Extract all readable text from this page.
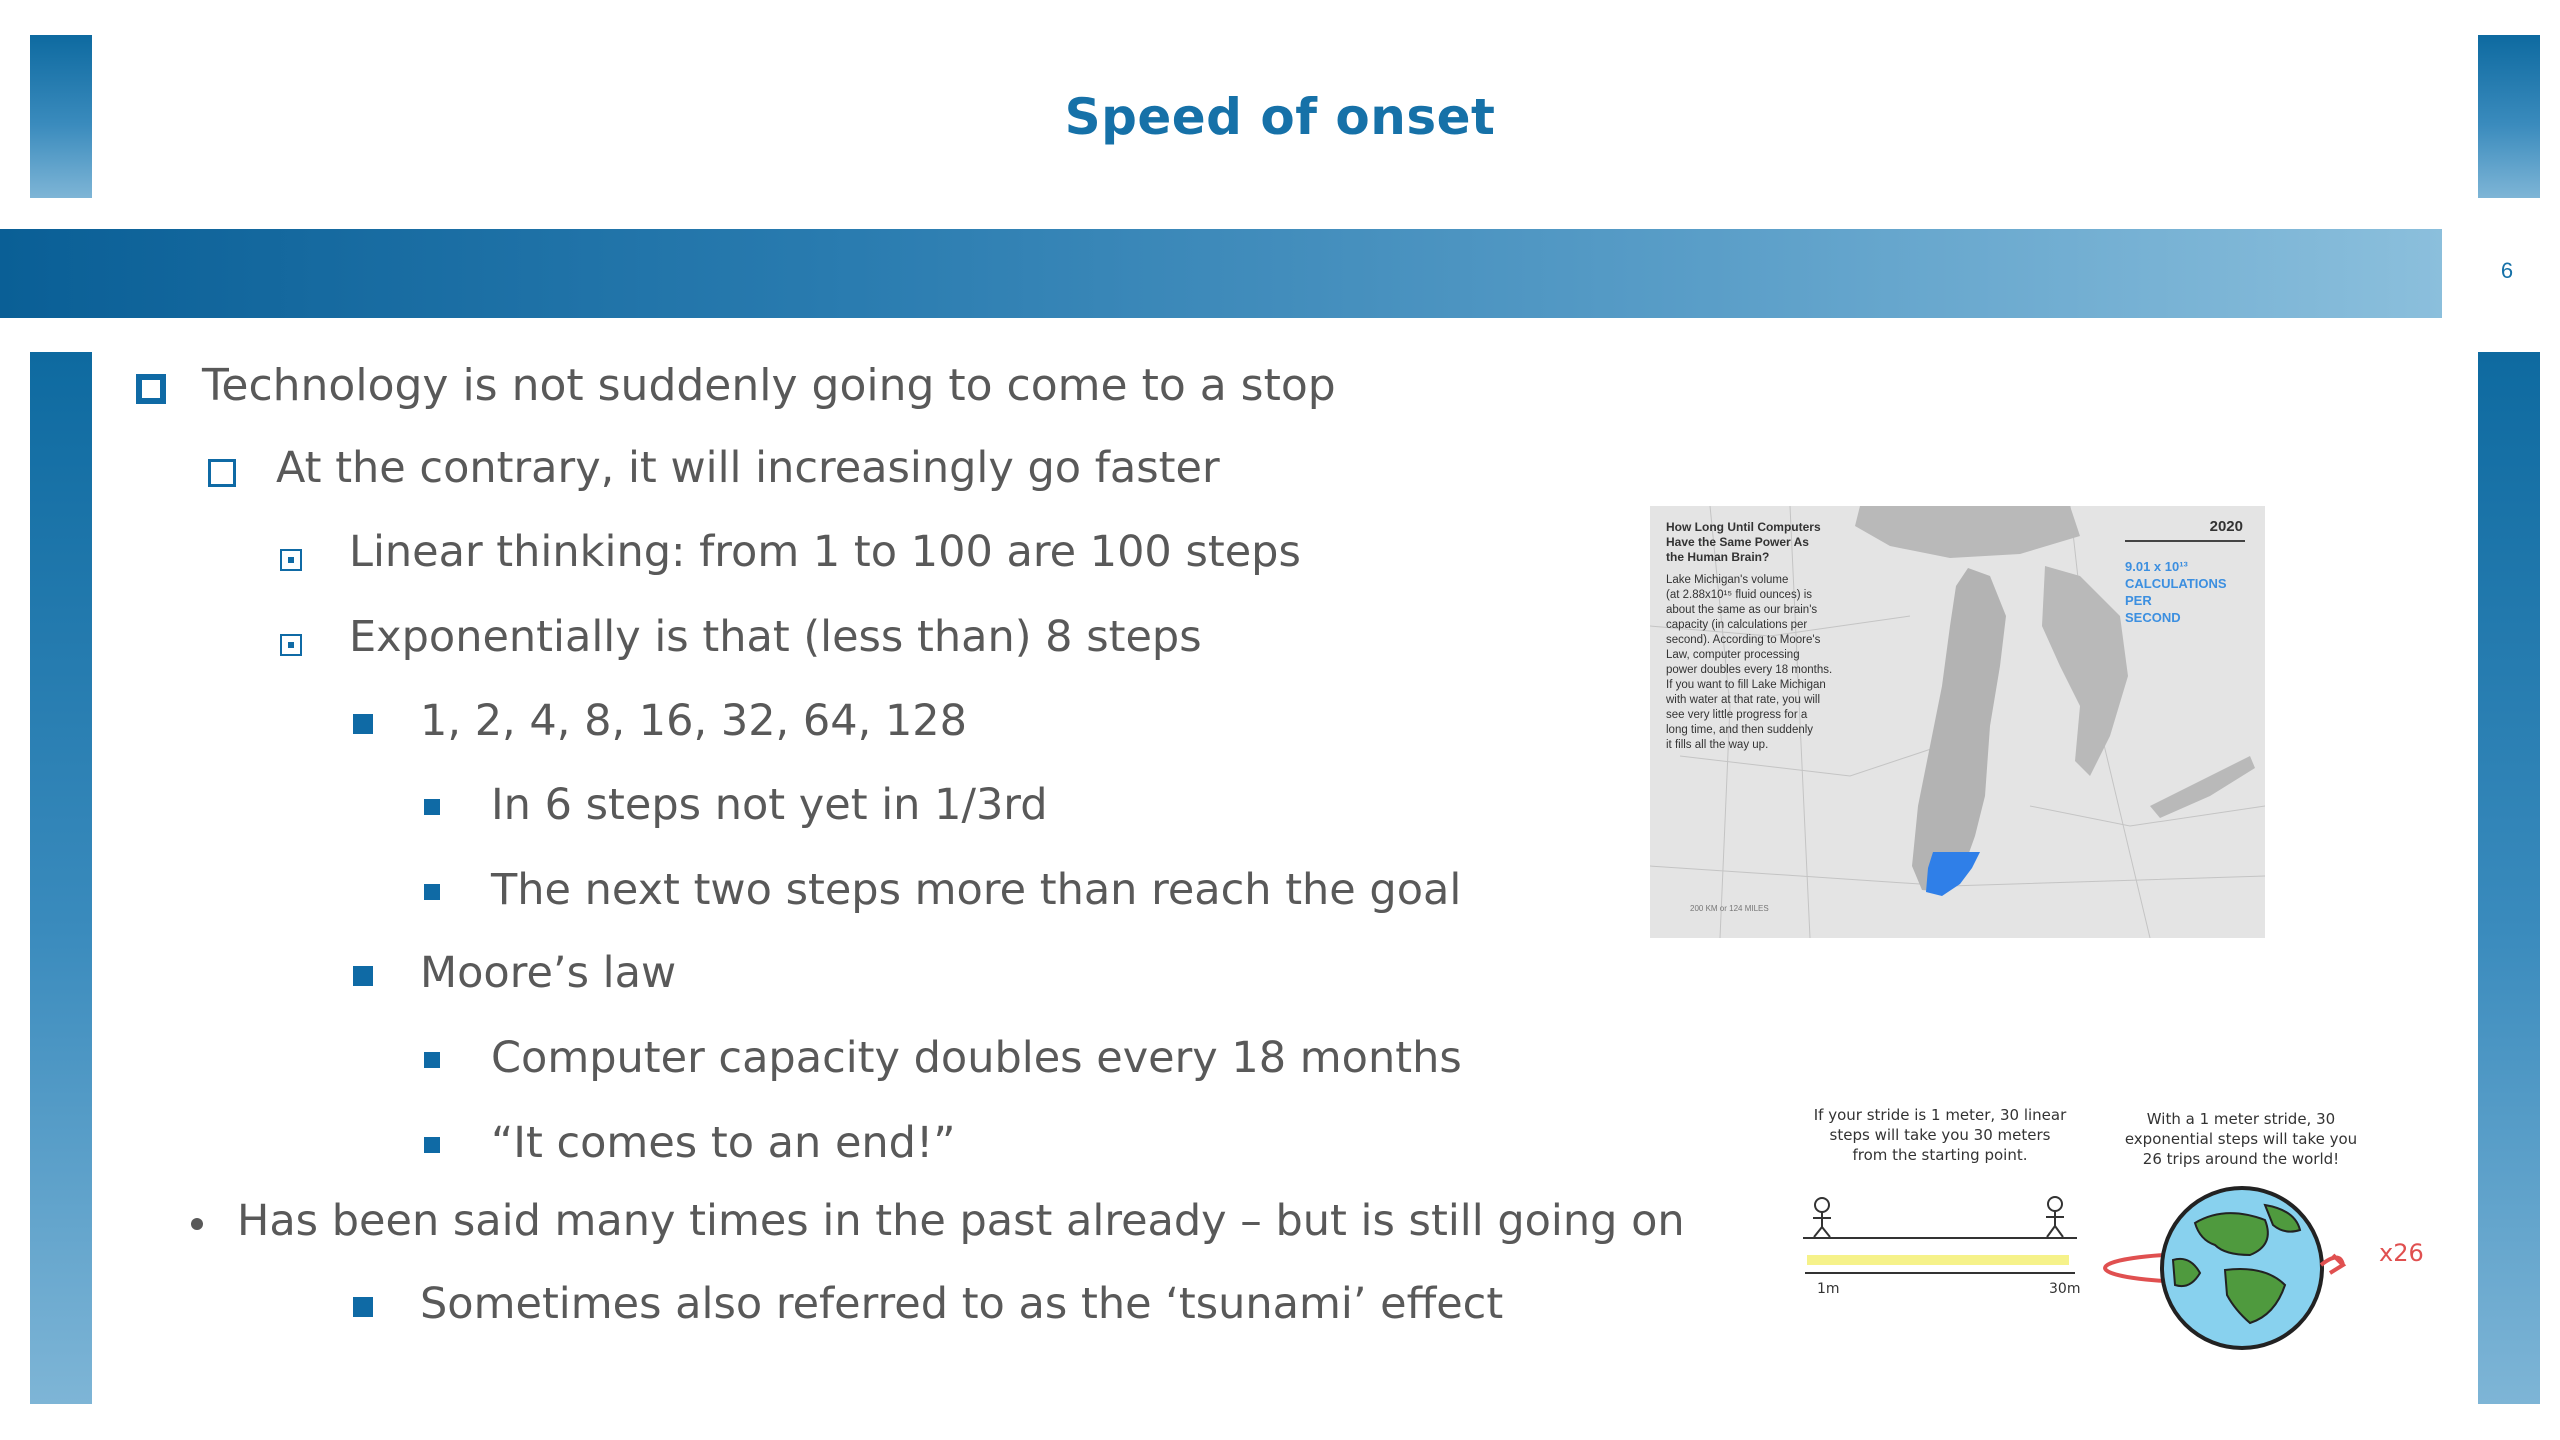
Speed of onset
6
Technology is not suddenly going to come to a stop
At the contrary, it will increasingly go faster
Linear thinking: from 1 to 100 are 100 steps
Exponentially is that (less than) 8 steps
1, 2, 4, 8, 16, 32, 64, 128
In 6 steps not yet in 1/3rd
The next two steps more than reach the goal
Moore’s law
Computer capacity doubles every 18 months
“It comes to an end!”
Has been said many times in the past already – but is still going on
Sometimes also referred to as the ‘tsunami’ effect
How Long Until Computers
Have the Same Power As
the Human Brain?
Lake Michigan's volume
(at 2.88x10¹⁵ fluid ounces) is
about the same as our brain's
capacity (in calculations per
second). According to Moore's
Law, computer processing
power doubles every 18 months.
If you want to fill Lake Michigan
with water at that rate, you will
see very little progress for a
long time, and then suddenly
it fills all the way up.
2020
9.01 x 10¹³
CALCULATIONS
PER
SECOND
200 KM or 124 MILES
If your stride is 1 meter, 30 linear
steps will take you 30 meters
from the starting point.
With a 1 meter stride, 30
exponential steps will take you
26 trips around the world!
1m	30m
x26
